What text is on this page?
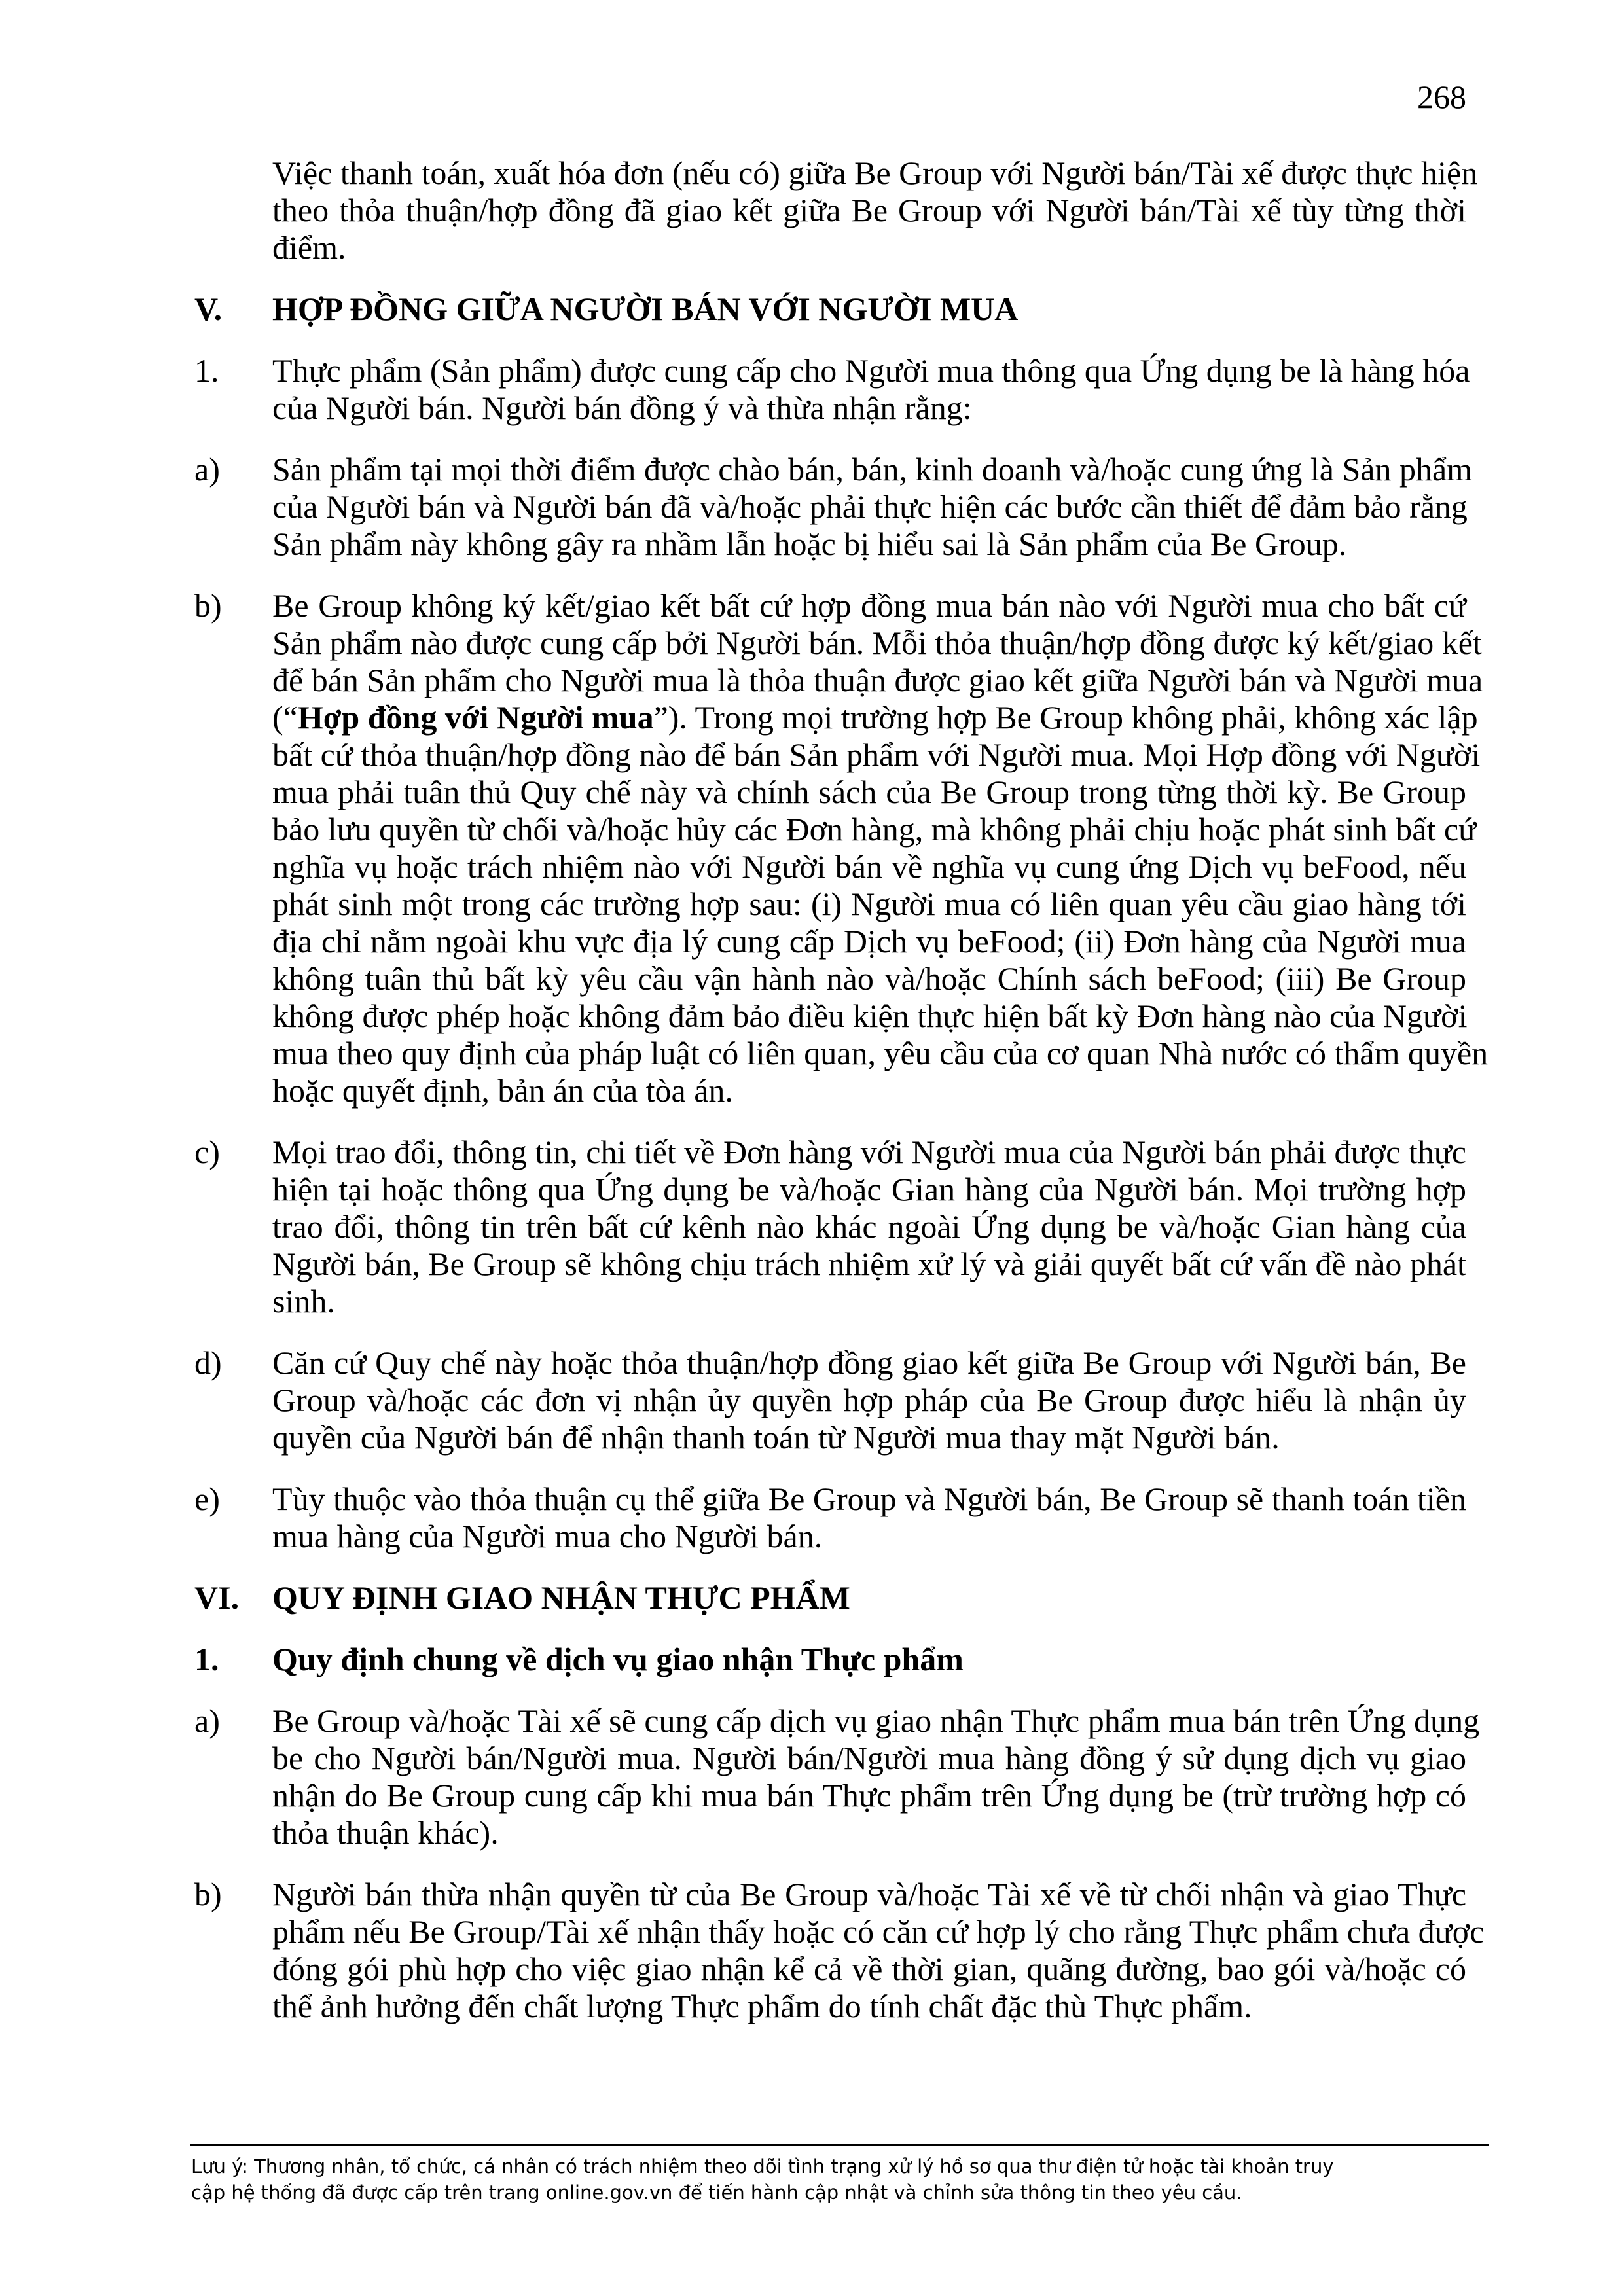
268
Việc thanh toán, xuất hóa đơn (nếu có) giữa Be Group với Người bán/Tài xế được thực hiện
theo thỏa thuận/hợp đồng đã giao kết giữa Be Group với Người bán/Tài xế tùy từng thời
điểm.
V. HỢP ĐỒNG GIỮA NGƯỜI BÁN VỚI NGƯỜI MUA
1. Thực phẩm (Sản phẩm) được cung cấp cho Người mua thông qua Ứng dụng be là hàng hóa
của Người bán. Người bán đồng ý và thừa nhận rằng:
a) Sản phẩm tại mọi thời điểm được chào bán, bán, kinh doanh và/hoặc cung ứng là Sản phẩm
của Người bán và Người bán đã và/hoặc phải thực hiện các bước cần thiết để đảm bảo rằng
Sản phẩm này không gây ra nhầm lẫn hoặc bị hiểu sai là Sản phẩm của Be Group.
b) Be Group không ký kết/giao kết bất cứ hợp đồng mua bán nào với Người mua cho bất cứ
Sản phẩm nào được cung cấp bởi Người bán. Mỗi thỏa thuận/hợp đồng được ký kết/giao kết
để bán Sản phẩm cho Người mua là thỏa thuận được giao kết giữa Người bán và Người mua
(“Hợp đồng với Người mua”). Trong mọi trường hợp Be Group không phải, không xác lập
bất cứ thỏa thuận/hợp đồng nào để bán Sản phẩm với Người mua. Mọi Hợp đồng với Người
mua phải tuân thủ Quy chế này và chính sách của Be Group trong từng thời kỳ. Be Group
bảo lưu quyền từ chối và/hoặc hủy các Đơn hàng, mà không phải chịu hoặc phát sinh bất cứ
nghĩa vụ hoặc trách nhiệm nào với Người bán về nghĩa vụ cung ứng Dịch vụ beFood, nếu
phát sinh một trong các trường hợp sau: (i) Người mua có liên quan yêu cầu giao hàng tới
địa chỉ nằm ngoài khu vực địa lý cung cấp Dịch vụ beFood; (ii) Đơn hàng của Người mua
không tuân thủ bất kỳ yêu cầu vận hành nào và/hoặc Chính sách beFood; (iii) Be Group
không được phép hoặc không đảm bảo điều kiện thực hiện bất kỳ Đơn hàng nào của Người
mua theo quy định của pháp luật có liên quan, yêu cầu của cơ quan Nhà nước có thẩm quyền
hoặc quyết định, bản án của tòa án.
c) Mọi trao đổi, thông tin, chi tiết về Đơn hàng với Người mua của Người bán phải được thực
hiện tại hoặc thông qua Ứng dụng be và/hoặc Gian hàng của Người bán. Mọi trường hợp
trao đổi, thông tin trên bất cứ kênh nào khác ngoài Ứng dụng be và/hoặc Gian hàng của
Người bán, Be Group sẽ không chịu trách nhiệm xử lý và giải quyết bất cứ vấn đề nào phát
sinh.
d) Căn cứ Quy chế này hoặc thỏa thuận/hợp đồng giao kết giữa Be Group với Người bán, Be
Group và/hoặc các đơn vị nhận ủy quyền hợp pháp của Be Group được hiểu là nhận ủy
quyền của Người bán để nhận thanh toán từ Người mua thay mặt Người bán.
e) Tùy thuộc vào thỏa thuận cụ thể giữa Be Group và Người bán, Be Group sẽ thanh toán tiền
mua hàng của Người mua cho Người bán.
VI. QUY ĐỊNH GIAO NHẬN THỰC PHẨM
1. Quy định chung về dịch vụ giao nhận Thực phẩm
a) Be Group và/hoặc Tài xế sẽ cung cấp dịch vụ giao nhận Thực phẩm mua bán trên Ứng dụng
be cho Người bán/Người mua. Người bán/Người mua hàng đồng ý sử dụng dịch vụ giao
nhận do Be Group cung cấp khi mua bán Thực phẩm trên Ứng dụng be (trừ trường hợp có
thỏa thuận khác).
b) Người bán thừa nhận quyền từ của Be Group và/hoặc Tài xế về từ chối nhận và giao Thực
phẩm nếu Be Group/Tài xế nhận thấy hoặc có căn cứ hợp lý cho rằng Thực phẩm chưa được
đóng gói phù hợp cho việc giao nhận kể cả về thời gian, quãng đường, bao gói và/hoặc có
thể ảnh hưởng đến chất lượng Thực phẩm do tính chất đặc thù Thực phẩm.
Lưu ý: Thương nhân, tổ chức, cá nhân có trách nhiệm theo dõi tình trạng xử lý hồ sơ qua thư điện tử hoặc tài khoản truy
cập hệ thống đã được cấp trên trang online.gov.vn để tiến hành cập nhật và chỉnh sửa thông tin theo yêu cầu.
